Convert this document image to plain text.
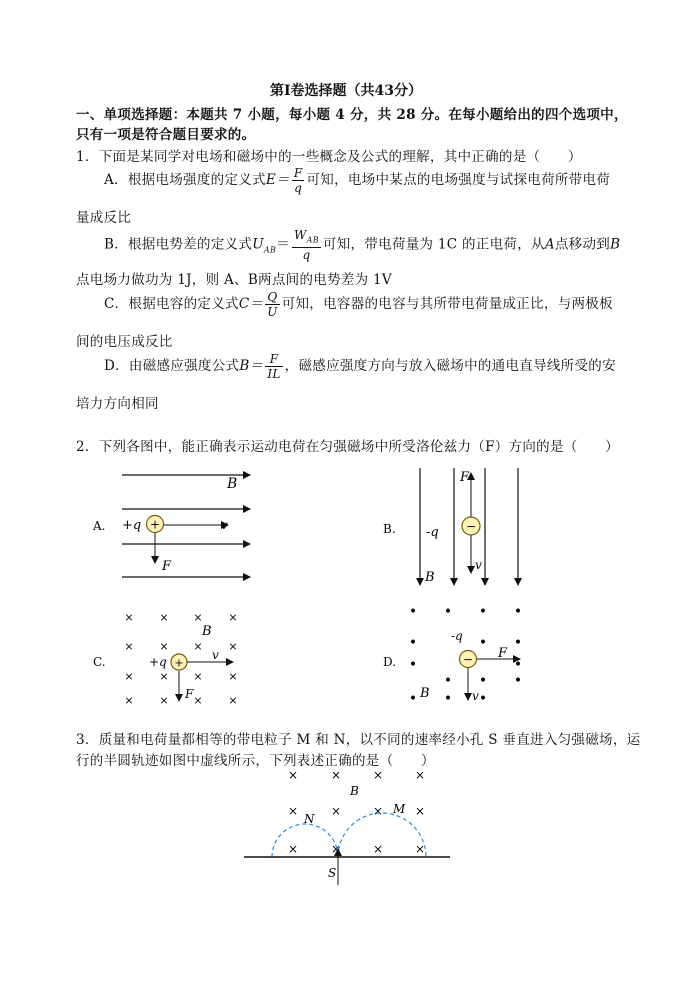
第Ⅰ卷选择题（共43分）
一、单项选择题：本题共 7 小题，每小题 4 分，共 28 分。在每小题给出的四个选项中，
只有一项是符合题目要求的。
1．下面是某同学对电场和磁场中的一些概念及公式的理解，其中正确的是（　　）
A．根据电场强度的定义式$E= \frac{F}{q}$ 可知，电场中某点的电场强度与试探电荷所带电荷
量成反比
B．根据电势差的定义式$U_{AB}= \frac{W_{AB}}{q}$ 可知，带电荷量为 1C 的正电荷，从A点移动到B
点电场力做功为 1J，则 A、B两点间的电势差为 1V
C．根据电容的定义式$C= \frac{Q}{U}$ 可知，电容器的电容与其所带电荷量成正比，与两极板
间的电压成反比
D．由磁感应强度公式$B= \frac{F}{IL}$ ，磁感应强度方向与放入磁场中的通电直导线所受的安
培力方向相同
2．下列各图中，能正确表示运动电荷在匀强磁场中所受洛伦兹力（F）方向的是（　　）
B
A. +q	v
F
+	B. -q
B
F
v
−
× × × ×
× × × ×
× × × ×
× × × ×
C.
B
+q	v
F
+
• • • •
•	• •
•	•
• • •
• • •
D.
-q
F
v
B
−
3．质量和电荷量都相等的带电粒子 M 和 N，以不同的速率经小孔 S 垂直进入匀强磁场，运
行的半圆轨迹如图中虚线所示，下列表述正确的是（　　）
×	×	×	×
×	×	×	×
×	×	×	×
B
N
M
S
